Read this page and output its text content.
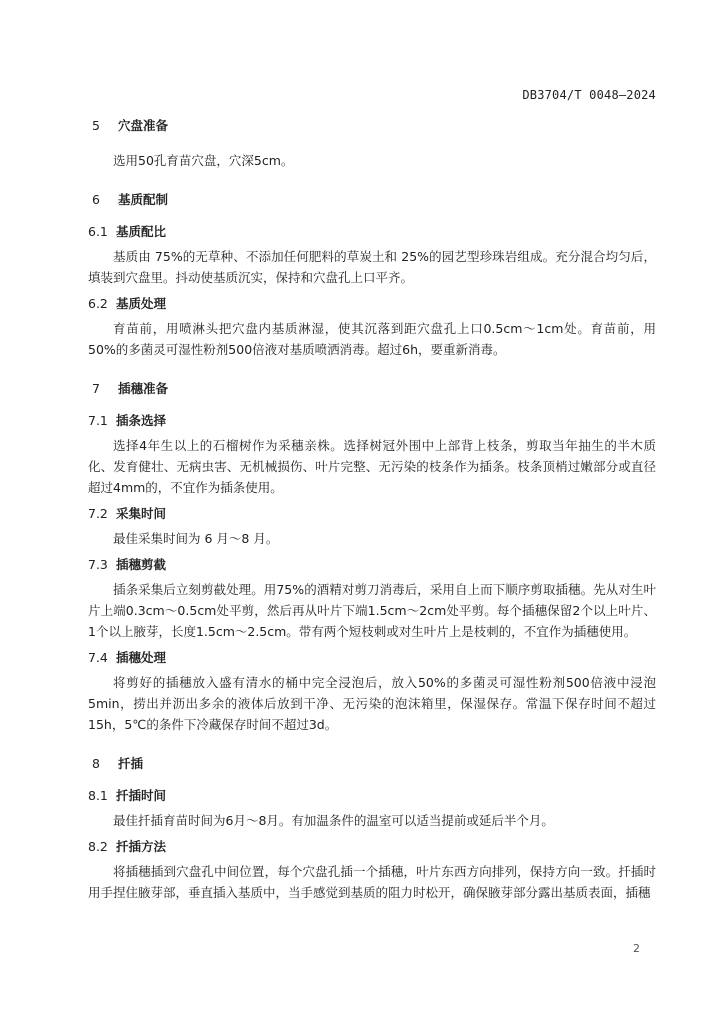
DB3704/T 0048—2024
5 穴盘准备

选用50孔育苗穴盘，穴深5cm。

6 基质配制
6.1 基质配比

基质由 75%的无草种、不添加任何肥料的草炭土和 25%的园艺型珍珠岩组成。充分混合均匀后，填装到穴盘里。抖动使基质沉实，保持和穴盘孔上口平齐。

6.2 基质处理

育苗前，用喷淋头把穴盘内基质淋湿，使其沉落到距穴盘孔上口0.5cm～1cm处。育苗前，用50%的多菌灵可湿性粉剂500倍液对基质喷洒消毒。超过6h，要重新消毒。

7 插穗准备
7.1 插条选择

选择4年生以上的石榴树作为采穗亲株。选择树冠外围中上部背上枝条，剪取当年抽生的半木质化、发育健壮、无病虫害、无机械损伤、叶片完整、无污染的枝条作为插条。枝条顶梢过嫩部分或直径超过4mm的，不宜作为插条使用。

7.2 采集时间

最佳采集时间为 6 月～8 月。

7.3 插穗剪截

插条采集后立刻剪截处理。用75%的酒精对剪刀消毒后，采用自上而下顺序剪取插穗。先从对生叶片上端0.3cm～0.5cm处平剪，然后再从叶片下端1.5cm～2cm处平剪。每个插穗保留2个以上叶片、1个以上腋芽，长度1.5cm～2.5cm。带有两个短枝刺或对生叶片上是枝刺的，不宜作为插穗使用。

7.4 插穗处理

将剪好的插穗放入盛有清水的桶中完全浸泡后，放入50%的多菌灵可湿性粉剂500倍液中浸泡5min，捞出并沥出多余的液体后放到干净、无污染的泡沫箱里，保湿保存。常温下保存时间不超过15h，5℃的条件下冷藏保存时间不超过3d。

8 扦插
8.1 扦插时间

最佳扦插育苗时间为6月～8月。有加温条件的温室可以适当提前或延后半个月。

8.2 扦插方法

将插穗插到穴盘孔中间位置，每个穴盘孔插一个插穗，叶片东西方向排列，保持方向一致。扦插时用手捏住腋芽部，垂直插入基质中，当手感觉到基质的阻力时松开，确保腋芽部分露出基质表面，插穗

2
